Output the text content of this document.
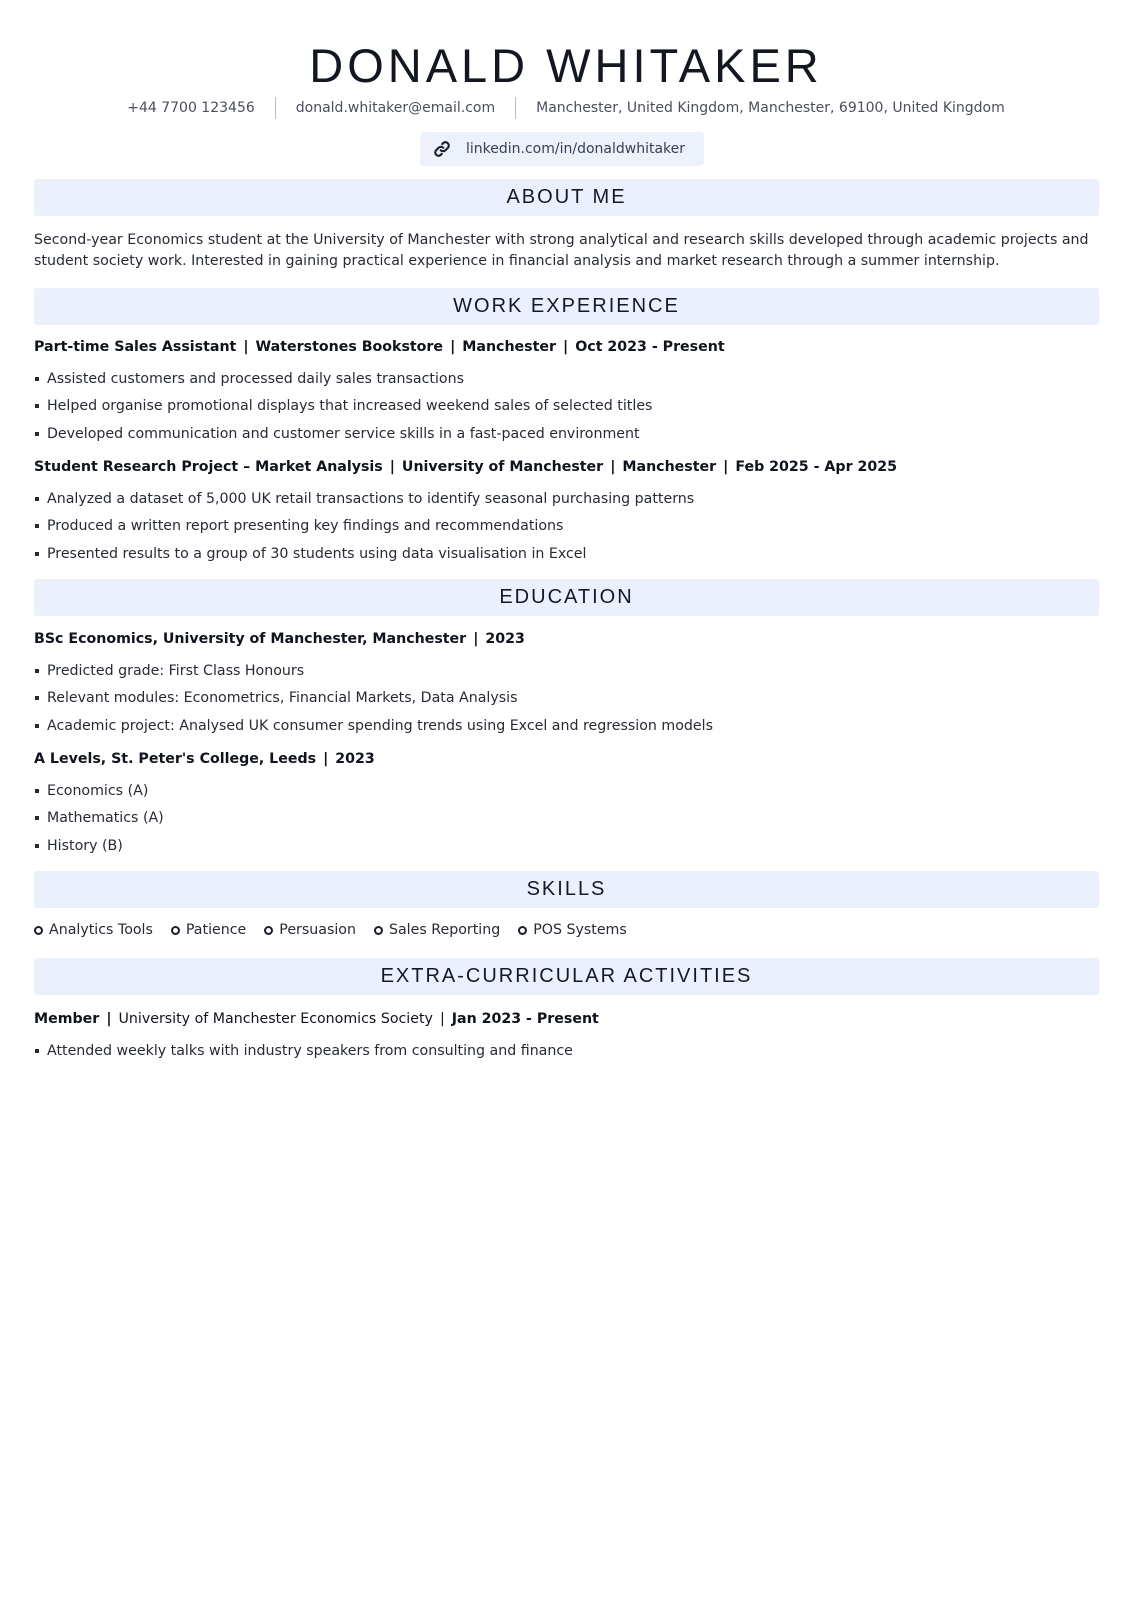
DONALD WHITAKER
+44 7700 123456	donald.whitaker@email.com	Manchester, United Kingdom, Manchester, 69100, United Kingdom
linkedin.com/in/donaldwhitaker
ABOUT ME

Second-year Economics student at the University of Manchester with strong analytical and research skills developed through academic projects and student society work. Interested in gaining practical experience in financial analysis and market research through a summer internship.

WORK EXPERIENCE
Part-time Sales Assistant | Waterstones Bookstore | Manchester | Oct 2023 - Present
Assisted customers and processed daily sales transactions
Helped organise promotional displays that increased weekend sales of selected titles
Developed communication and customer service skills in a fast-paced environment
Student Research Project – Market Analysis | University of Manchester | Manchester | Feb 2025 - Apr 2025
Analyzed a dataset of 5,000 UK retail transactions to identify seasonal purchasing patterns
Produced a written report presenting key findings and recommendations
Presented results to a group of 30 students using data visualisation in Excel
EDUCATION
BSc Economics, University of Manchester, Manchester | 2023
Predicted grade: First Class Honours
Relevant modules: Econometrics, Financial Markets, Data Analysis
Academic project: Analysed UK consumer spending trends using Excel and regression models
A Levels, St. Peter's College, Leeds | 2023
Economics (A)
Mathematics (A)
History (B)
SKILLS
Analytics Tools Patience Persuasion Sales Reporting POS Systems
EXTRA-CURRICULAR ACTIVITIES
Member | University of Manchester Economics Society | Jan 2023 - Present
Attended weekly talks with industry speakers from consulting and finance
